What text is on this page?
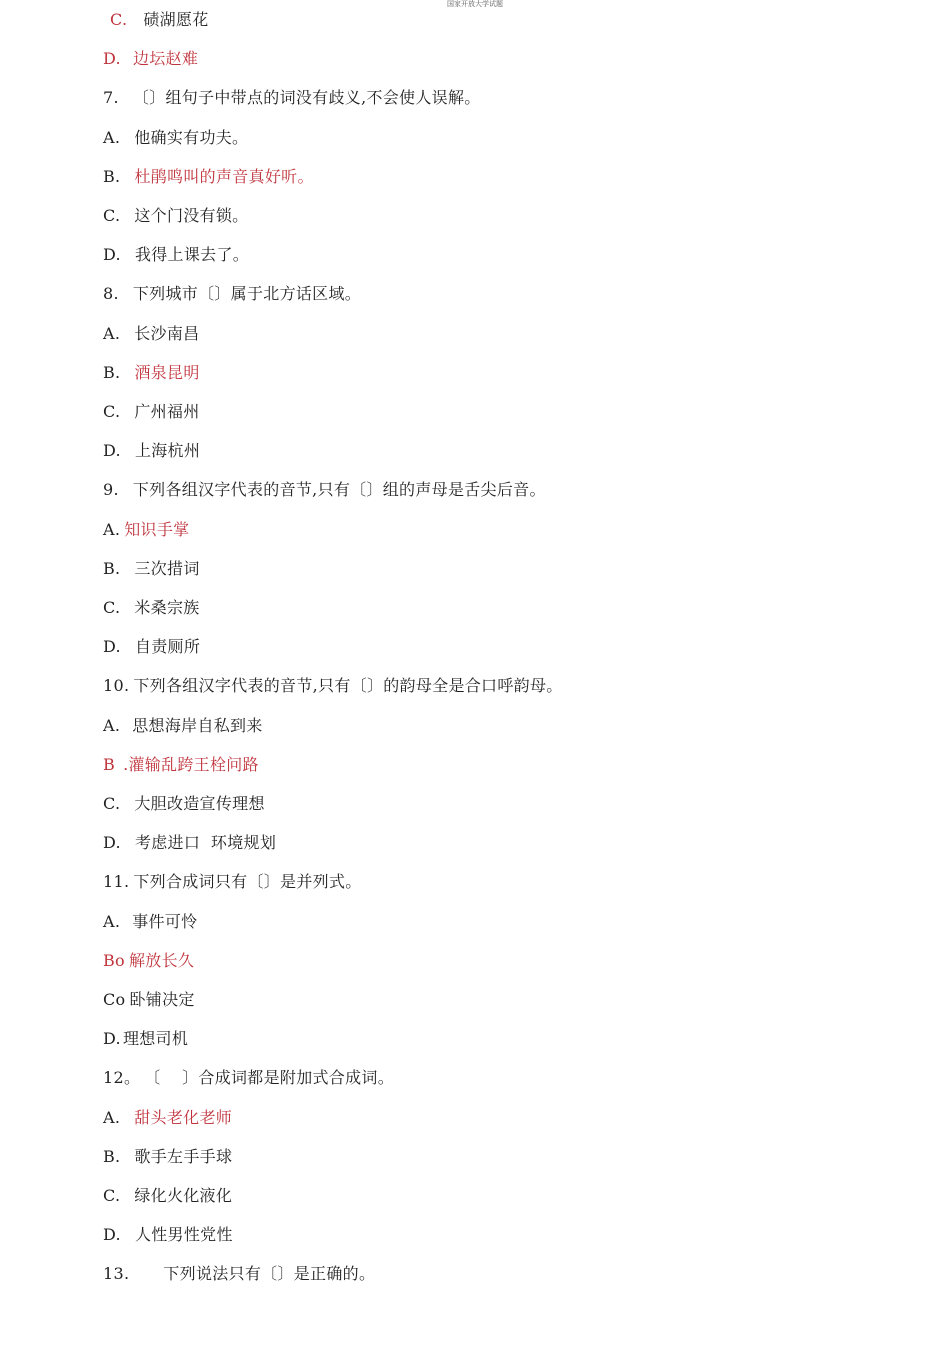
国家开放大学试题
C. 碛湖愿花
D. 边坛赵难
7. 〔〕组句子中带点的词没有歧义,不会使人误解。
A. 他确实有功夫。
B. 杜鹃鸣叫的声音真好听。
C. 这个门没有锁。
D. 我得上课去了。
8. 下列城市〔〕属于北方话区域。
A. 长沙南昌
B. 酒泉昆明
C. 广州福州
D. 上海杭州
9. 下列各组汉字代表的音节,只有〔〕组的声母是舌尖后音。
A. 知识手掌
B. 三次措词
C. 米桑宗族
D. 自责厕所
10. 下列各组汉字代表的音节,只有〔〕的韵母全是合口呼韵母。
A. 思想海岸自私到来
B .灌输乱跨王栓问路
C. 大胆改造宣传理想
D. 考虑进口  环境规划
11. 下列合成词只有〔〕是并列式。
A. 事件可怜
Bo 解放长久
Co 卧铺决定
D. 理想司机
12。 〔    〕合成词都是附加式合成词。
A. 甜头老化老师
B. 歌手左手手球
C. 绿化火化液化
D. 人性男性党性
13. 下列说法只有〔〕是正确的。
